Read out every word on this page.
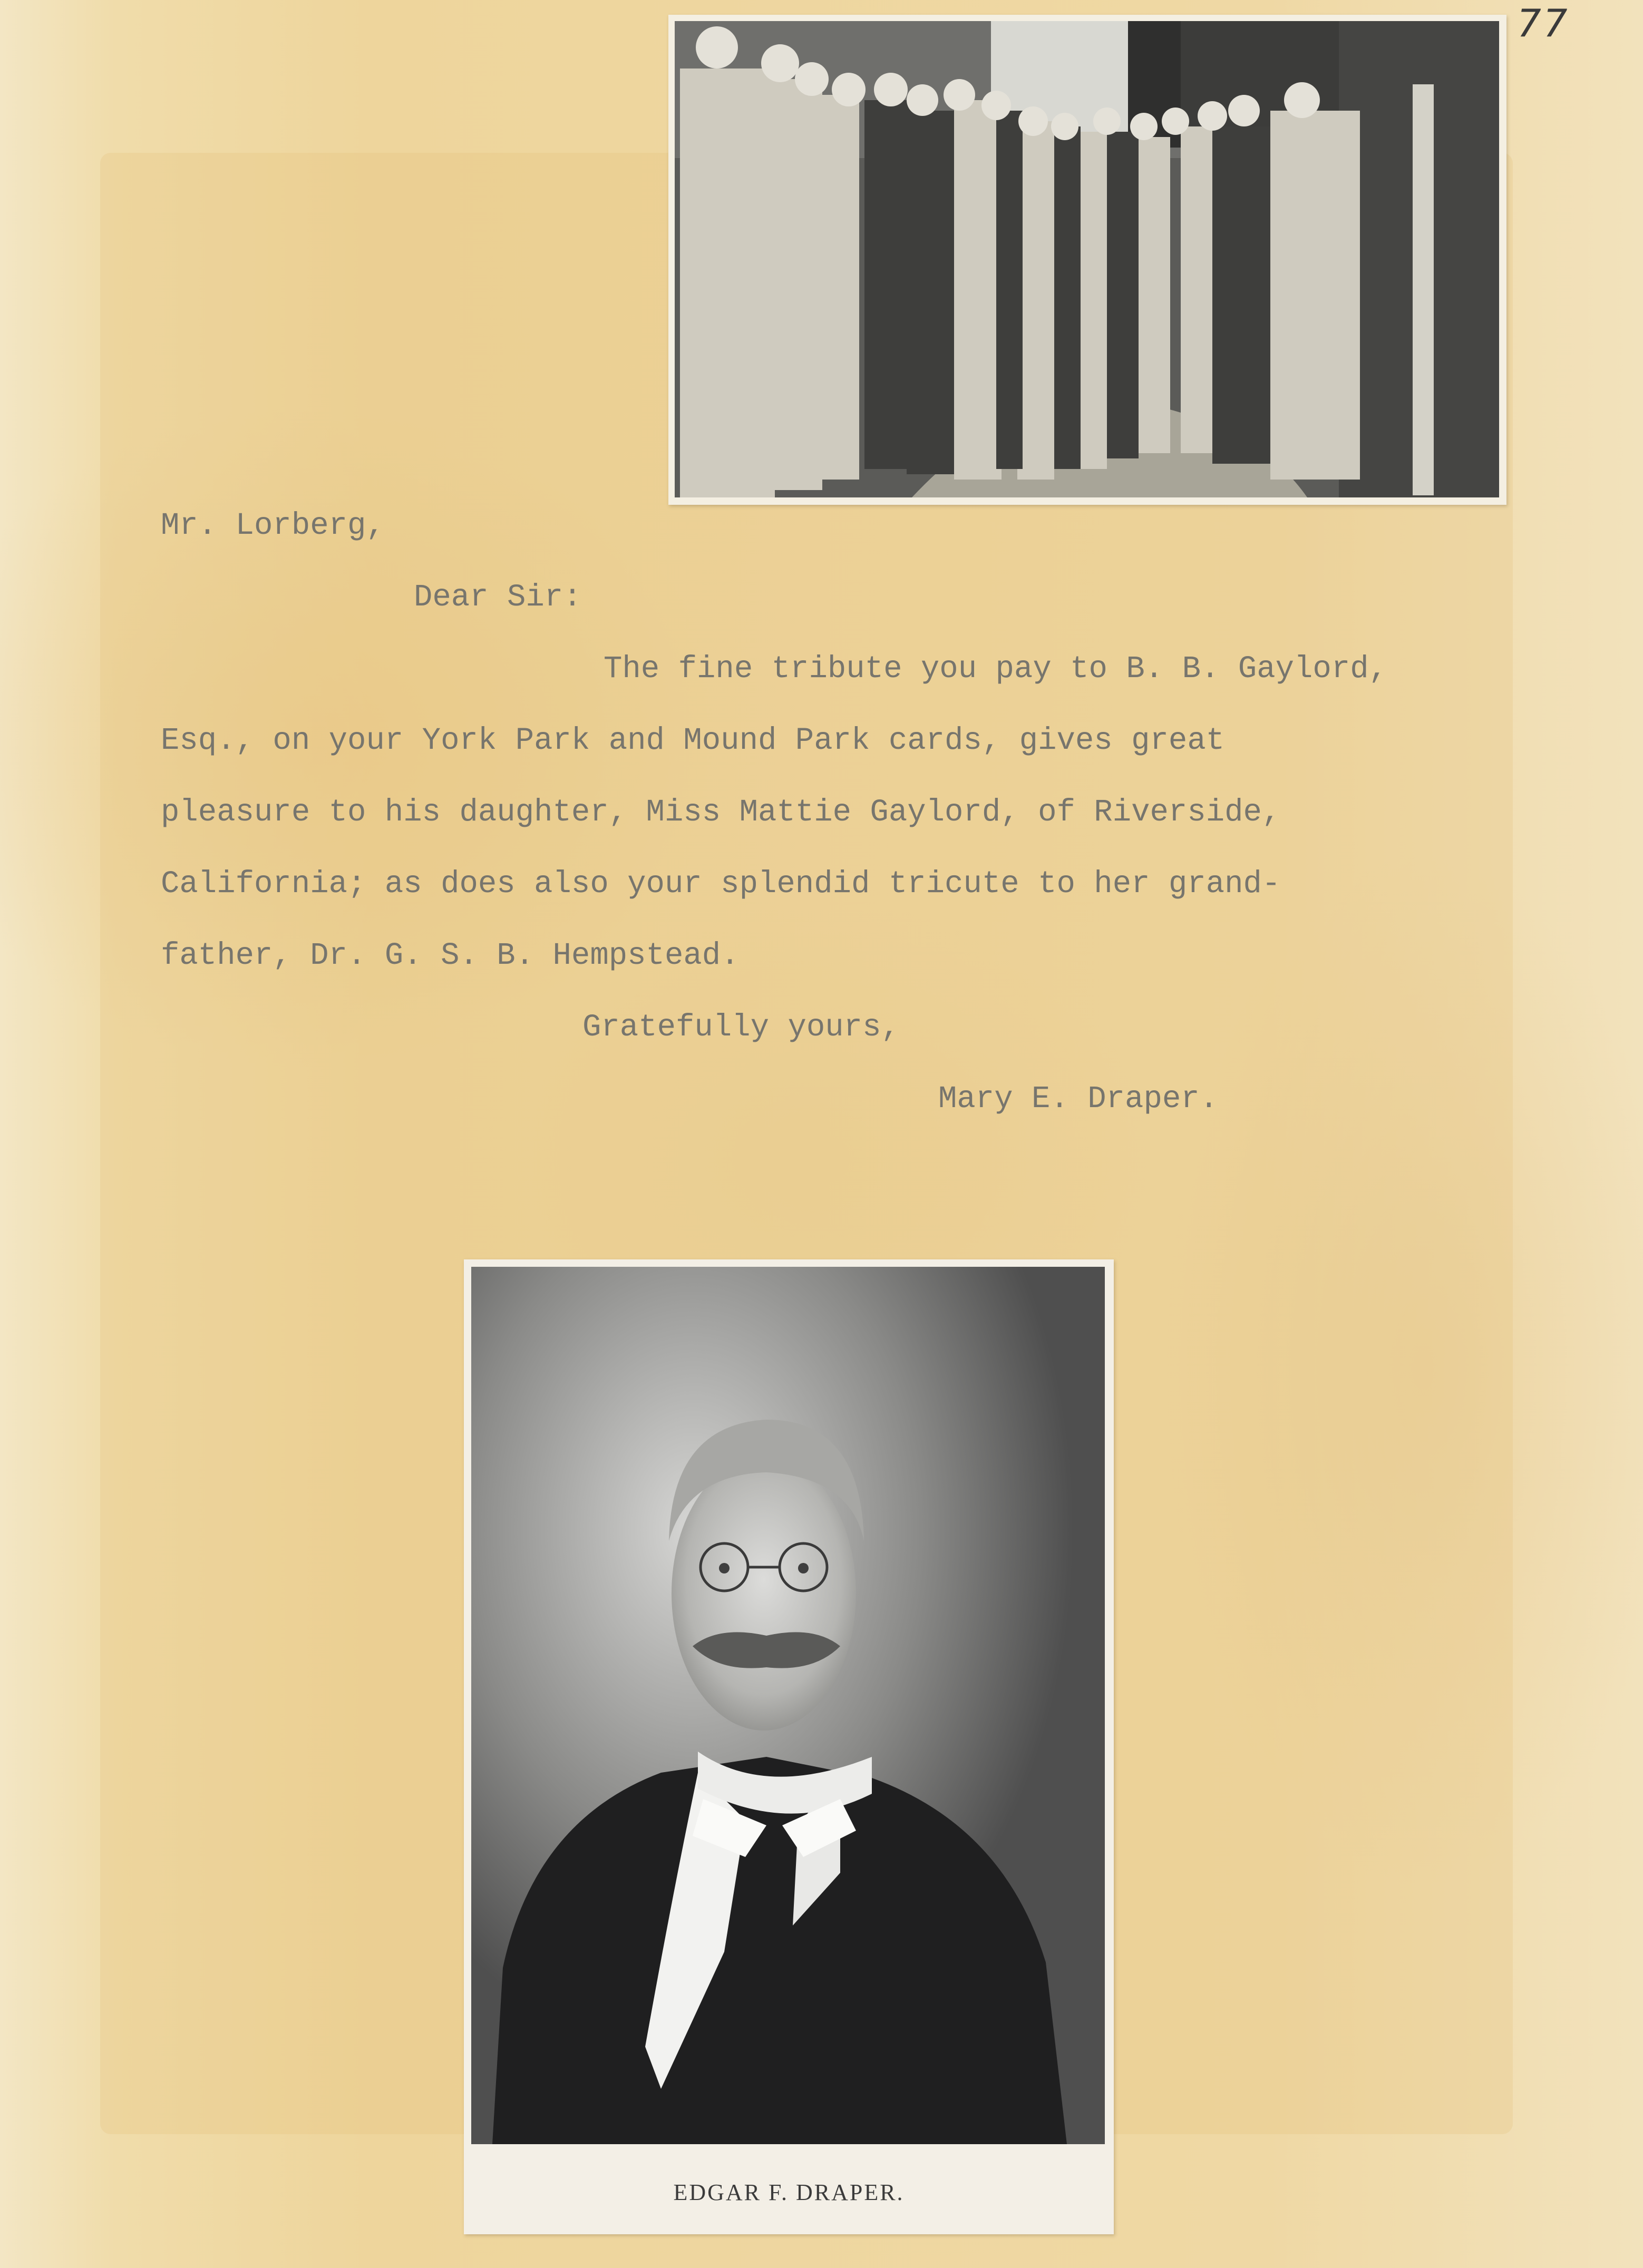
77
Mr. Lorberg,
Dear Sir:
The fine tribute you pay to B. B. Gaylord,
Esq., on your York Park and Mound Park cards, gives great
pleasure to his daughter, Miss Mattie Gaylord, of Riverside,
California; as does also your splendid tricute to her grand-
father, Dr. G. S. B. Hempstead.
Gratefully yours,
Mary E. Draper.
EDGAR F. DRAPER.
